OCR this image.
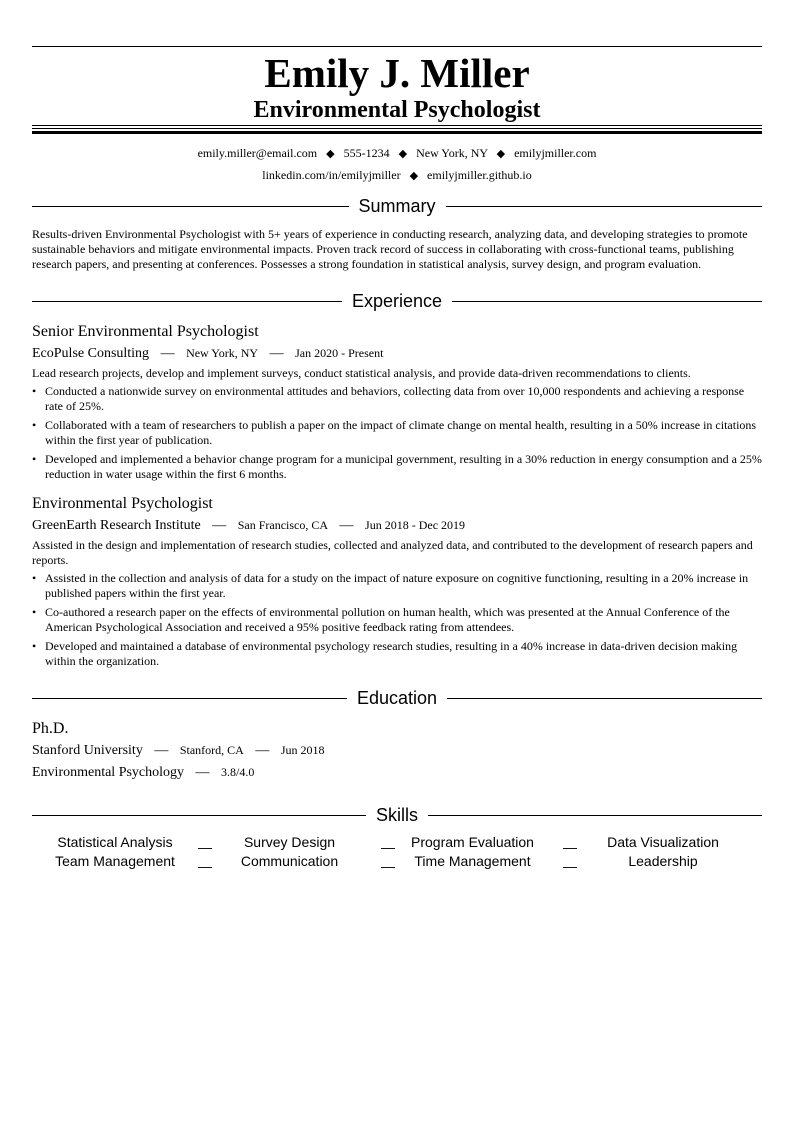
Emily J. Miller
Environmental Psychologist
emily.miller@email.com ◆ 555-1234 ◆ New York, NY ◆ emilyjmiller.com
linkedin.com/in/emilyjmiller ◆ emilyjmiller.github.io
Summary
Results-driven Environmental Psychologist with 5+ years of experience in conducting research, analyzing data, and developing strategies to promote sustainable behaviors and mitigate environmental impacts. Proven track record of success in collaborating with cross-functional teams, publishing research papers, and presenting at conferences. Possesses a strong foundation in statistical analysis, survey design, and program evaluation.
Experience
Senior Environmental Psychologist
EcoPulse Consulting — New York, NY — Jan 2020 - Present
Lead research projects, develop and implement surveys, conduct statistical analysis, and provide data-driven recommendations to clients.
• Conducted a nationwide survey on environmental attitudes and behaviors, collecting data from over 10,000 respondents and achieving a response rate of 25%.
• Collaborated with a team of researchers to publish a paper on the impact of climate change on mental health, resulting in a 50% increase in citations within the first year of publication.
• Developed and implemented a behavior change program for a municipal government, resulting in a 30% reduction in energy consumption and a 25% reduction in water usage within the first 6 months.
Environmental Psychologist
GreenEarth Research Institute — San Francisco, CA — Jun 2018 - Dec 2019
Assisted in the design and implementation of research studies, collected and analyzed data, and contributed to the development of research papers and reports.
• Assisted in the collection and analysis of data for a study on the impact of nature exposure on cognitive functioning, resulting in a 20% increase in published papers within the first year.
• Co-authored a research paper on the effects of environmental pollution on human health, which was presented at the Annual Conference of the American Psychological Association and received a 95% positive feedback rating from attendees.
• Developed and maintained a database of environmental psychology research studies, resulting in a 40% increase in data-driven decision making within the organization.
Education
Ph.D.
Stanford University — Stanford, CA — Jun 2018
Environmental Psychology — 3.8/4.0
Skills
Statistical Analysis	Survey Design	Program Evaluation	Data Visualization
Team Management	Communication	Time Management	Leadership
—	—	—
—	—	—
